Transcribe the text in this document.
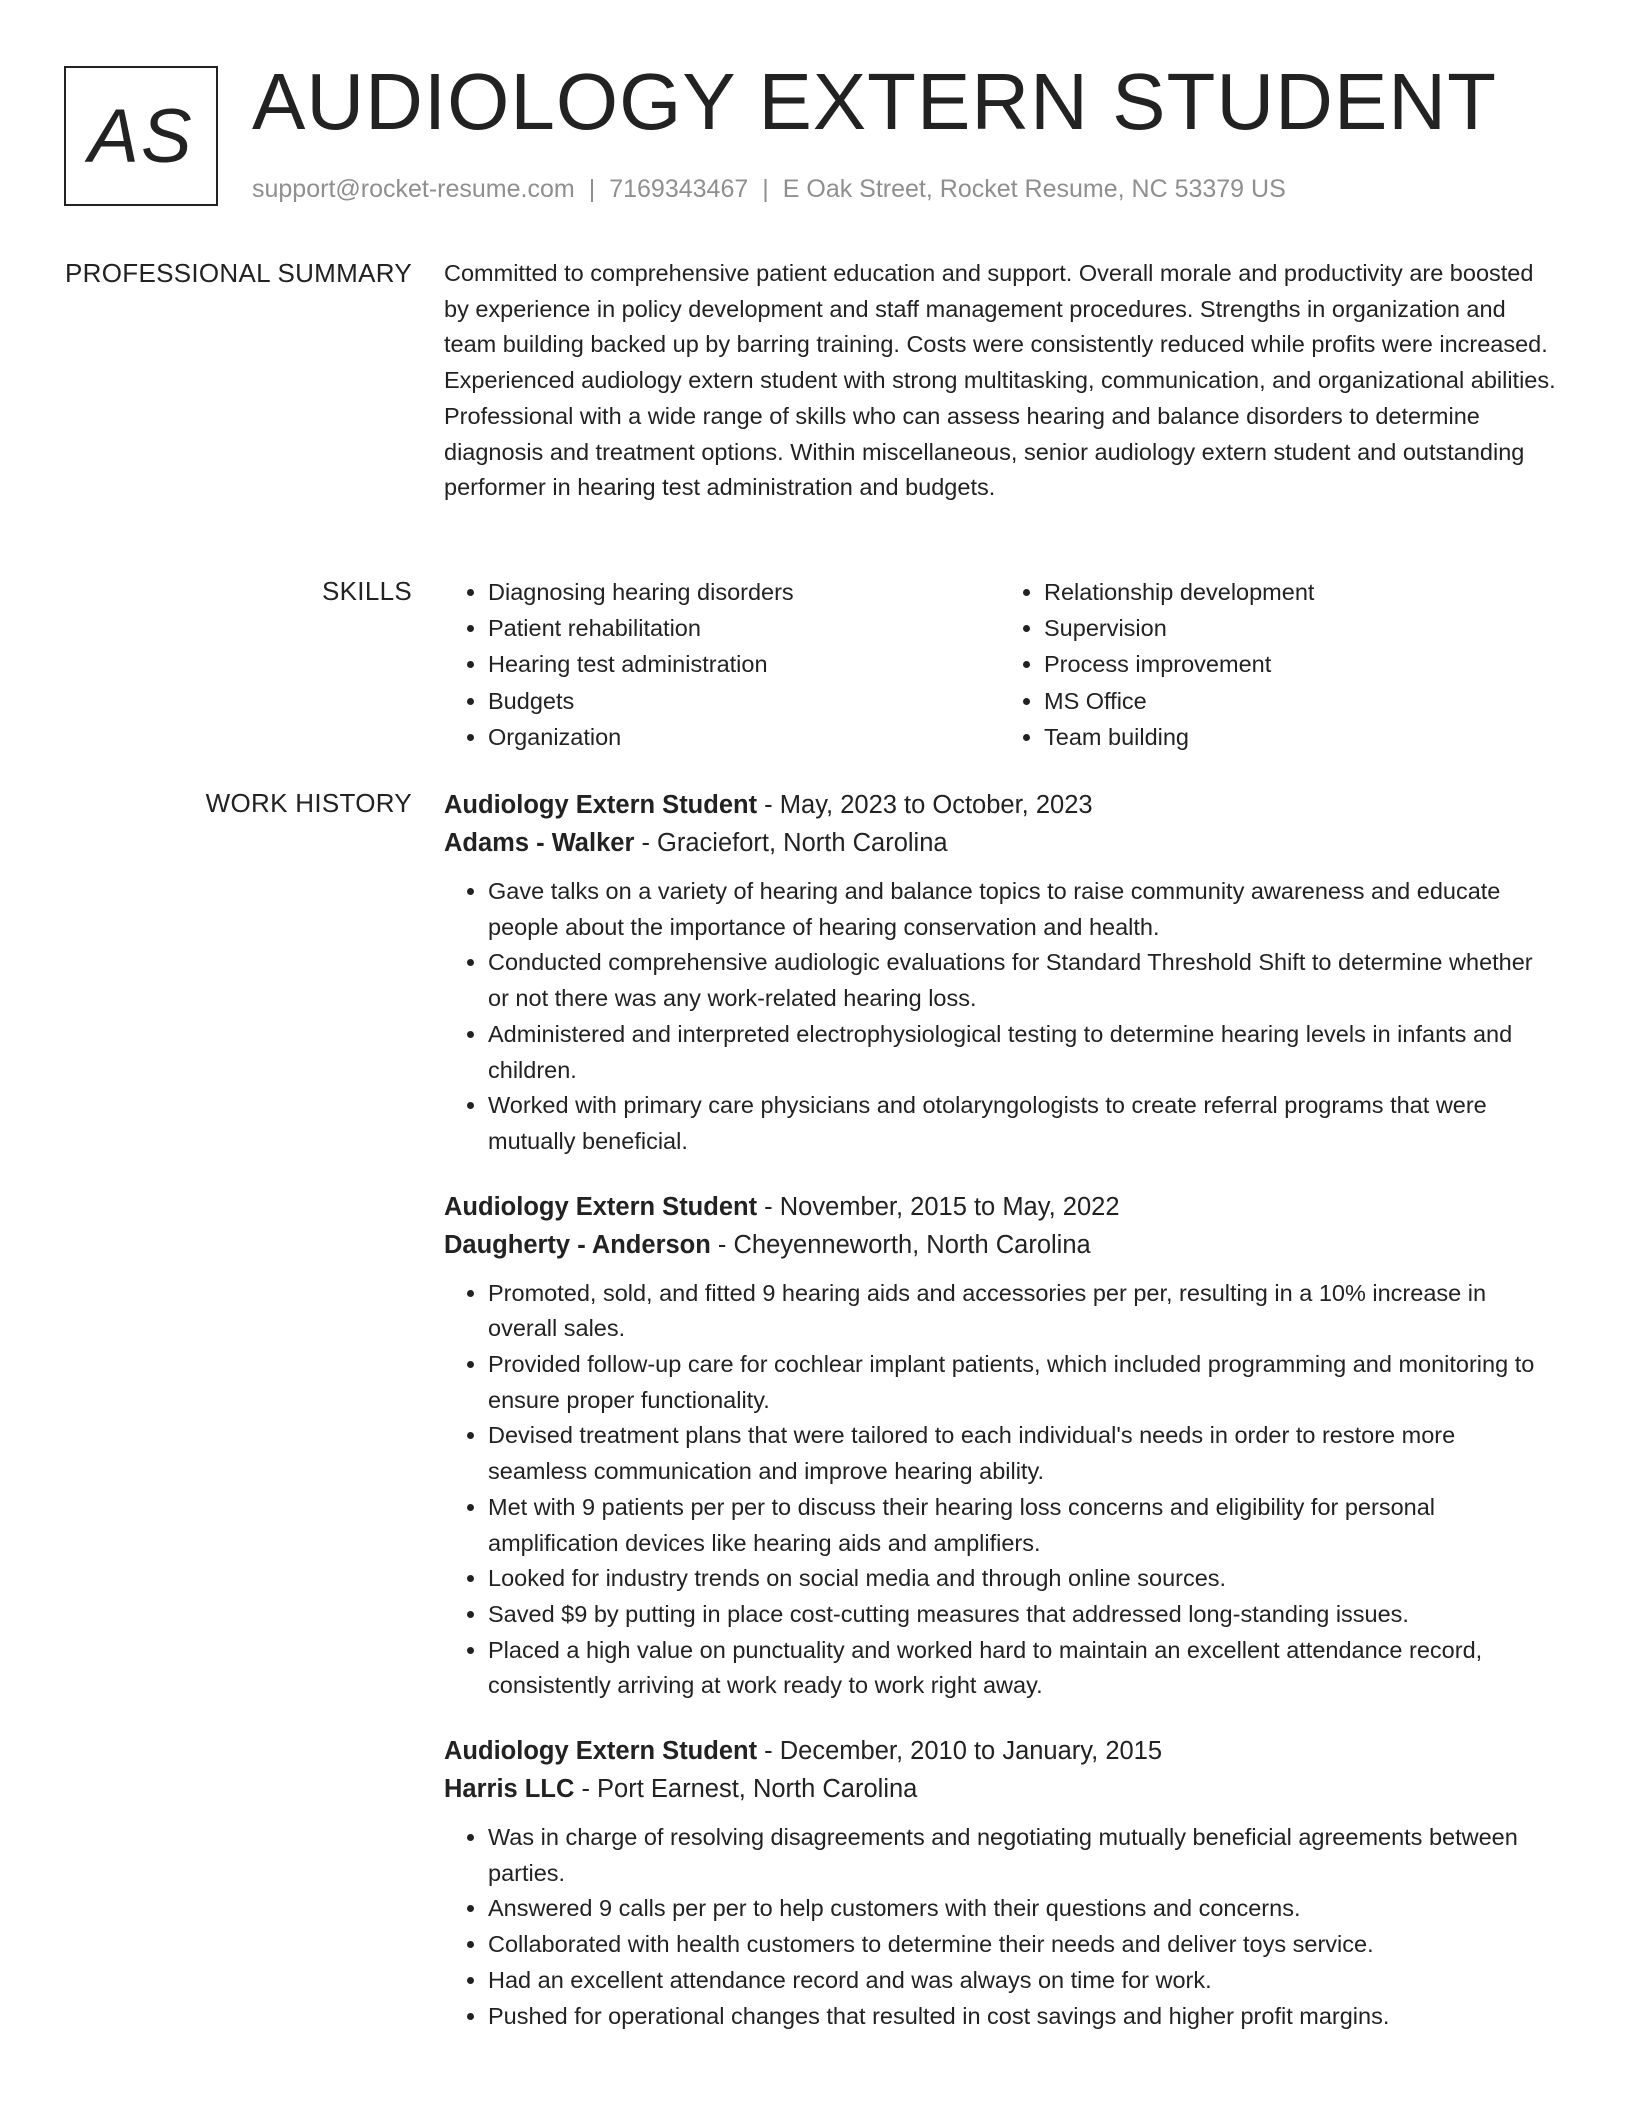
AS AUDIOLOGY EXTERN STUDENT
support@rocket-resume.com | 7169343467 | E Oak Street, Rocket Resume, NC 53379 US
PROFESSIONAL SUMMARY Committed to comprehensive patient education and support. Overall morale and productivity are boosted by experience in policy development and staff management procedures. Strengths in organization and team building backed up by barring training. Costs were consistently reduced while profits were increased. Experienced audiology extern student with strong multitasking, communication, and organizational abilities. Professional with a wide range of skills who can assess hearing and balance disorders to determine diagnosis and treatment options. Within miscellaneous, senior audiology extern student and outstanding performer in hearing test administration and budgets.

SKILLS
•	Diagnosing hearing disorders
• Patient rehabilitation
• Hearing test administration
• Budgets
• Organization
• Relationship development
• Supervision
• Process improvement
• MS Office
• Team building
WORK HISTORY Audiology Extern Student - May, 2023 to October, 2023
Adams - Walker - Graciefort, North Carolina
• Gave talks on a variety of hearing and balance topics to raise community awareness and educate people about the importance of hearing conservation and health.
• Conducted comprehensive audiologic evaluations for Standard Threshold Shift to determine whether or not there was any work-related hearing loss.
• Administered and interpreted electrophysiological testing to determine hearing levels in infants and children.
• Worked with primary care physicians and otolaryngologists to create referral programs that were mutually beneficial.
Audiology Extern Student - November, 2015 to May, 2022
Daugherty - Anderson - Cheyenneworth, North Carolina
• Promoted, sold, and fitted 9 hearing aids and accessories per per, resulting in a 10% increase in overall sales.
• Provided follow-up care for cochlear implant patients, which included programming and monitoring to ensure proper functionality.
• Devised treatment plans that were tailored to each individual's needs in order to restore more seamless communication and improve hearing ability.
• Met with 9 patients per per to discuss their hearing loss concerns and eligibility for personal amplification devices like hearing aids and amplifiers.
• Looked for industry trends on social media and through online sources.
• Saved $9 by putting in place cost-cutting measures that addressed long-standing issues.
• Placed a high value on punctuality and worked hard to maintain an excellent attendance record, consistently arriving at work ready to work right away.
Audiology Extern Student - December, 2010 to January, 2015
Harris LLC - Port Earnest, North Carolina
• Was in charge of resolving disagreements and negotiating mutually beneficial agreements between parties.
• Answered 9 calls per per to help customers with their questions and concerns.
• Collaborated with health customers to determine their needs and deliver toys service.
• Had an excellent attendance record and was always on time for work.
• Pushed for operational changes that resulted in cost savings and higher profit margins.
